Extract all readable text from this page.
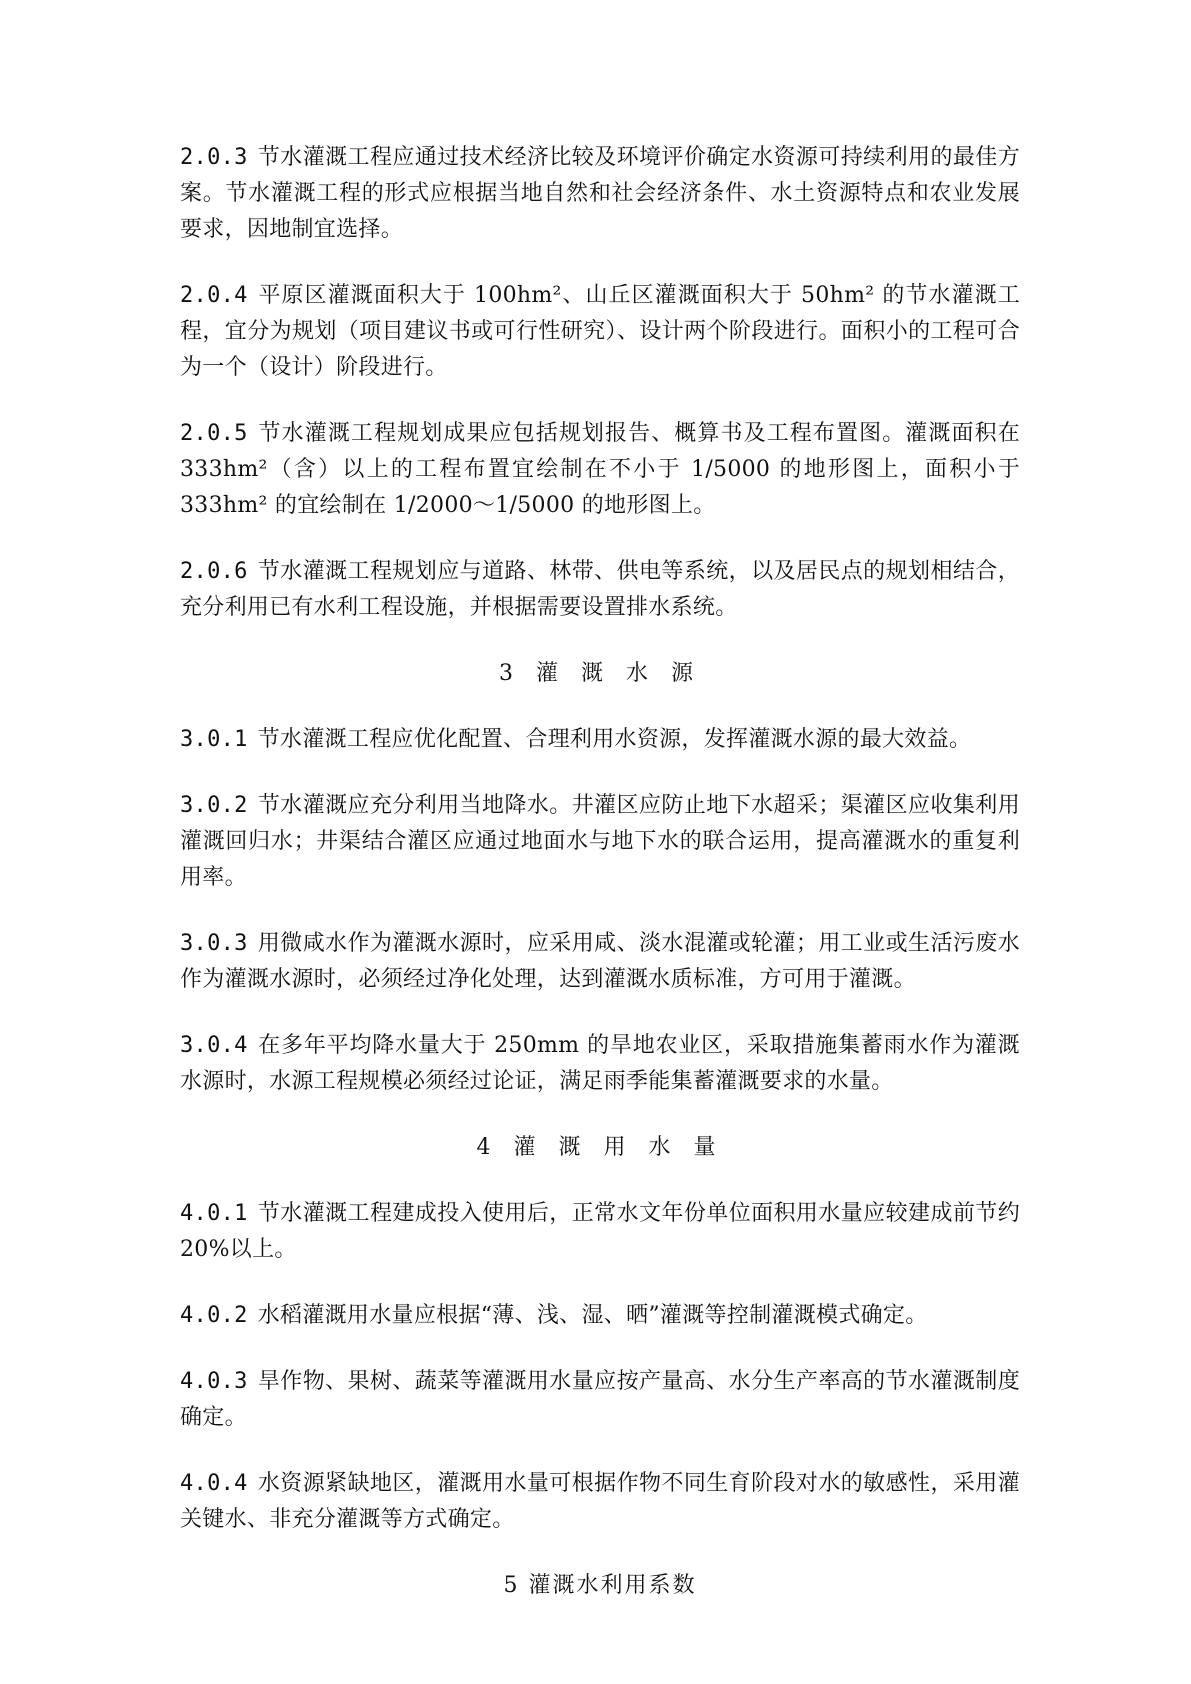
2.0.3 节水灌溉工程应通过技术经济比较及环境评价确定水资源可持续利用的最佳方案。节水灌溉工程的形式应根据当地自然和社会经济条件、水土资源特点和农业发展要求，因地制宜选择。

2.0.4 平原区灌溉面积大于 100hm²、山丘区灌溉面积大于 50hm² 的节水灌溉工程，宜分为规划（项目建议书或可行性研究）、设计两个阶段进行。面积小的工程可合为一个（设计）阶段进行。

2.0.5 节水灌溉工程规划成果应包括规划报告、概算书及工程布置图。灌溉面积在 333hm²（含）以上的工程布置宜绘制在不小于 1/5000 的地形图上，面积小于333hm² 的宜绘制在 1/2000～1/5000 的地形图上。

2.0.6 节水灌溉工程规划应与道路、林带、供电等系统，以及居民点的规划相结合，充分利用已有水利工程设施，并根据需要设置排水系统。

3 灌 溉 水 源

3.0.1 节水灌溉工程应优化配置、合理利用水资源，发挥灌溉水源的最大效益。

3.0.2 节水灌溉应充分利用当地降水。井灌区应防止地下水超采；渠灌区应收集利用灌溉回归水；井渠结合灌区应通过地面水与地下水的联合运用，提高灌溉水的重复利用率。

3.0.3 用微咸水作为灌溉水源时，应采用咸、淡水混灌或轮灌；用工业或生活污废水作为灌溉水源时，必须经过净化处理，达到灌溉水质标准，方可用于灌溉。

3.0.4 在多年平均降水量大于 250mm 的旱地农业区，采取措施集蓄雨水作为灌溉水源时，水源工程规模必须经过论证，满足雨季能集蓄灌溉要求的水量。

4 灌 溉 用 水 量

4.0.1 节水灌溉工程建成投入使用后，正常水文年份单位面积用水量应较建成前节约 20%以上。

4.0.2 水稻灌溉用水量应根据“薄、浅、湿、晒”灌溉等控制灌溉模式确定。

4.0.3 旱作物、果树、蔬菜等灌溉用水量应按产量高、水分生产率高的节水灌溉制度确定。

4.0.4 水资源紧缺地区，灌溉用水量可根据作物不同生育阶段对水的敏感性，采用灌关键水、非充分灌溉等方式确定。

5 灌溉水利用系数
